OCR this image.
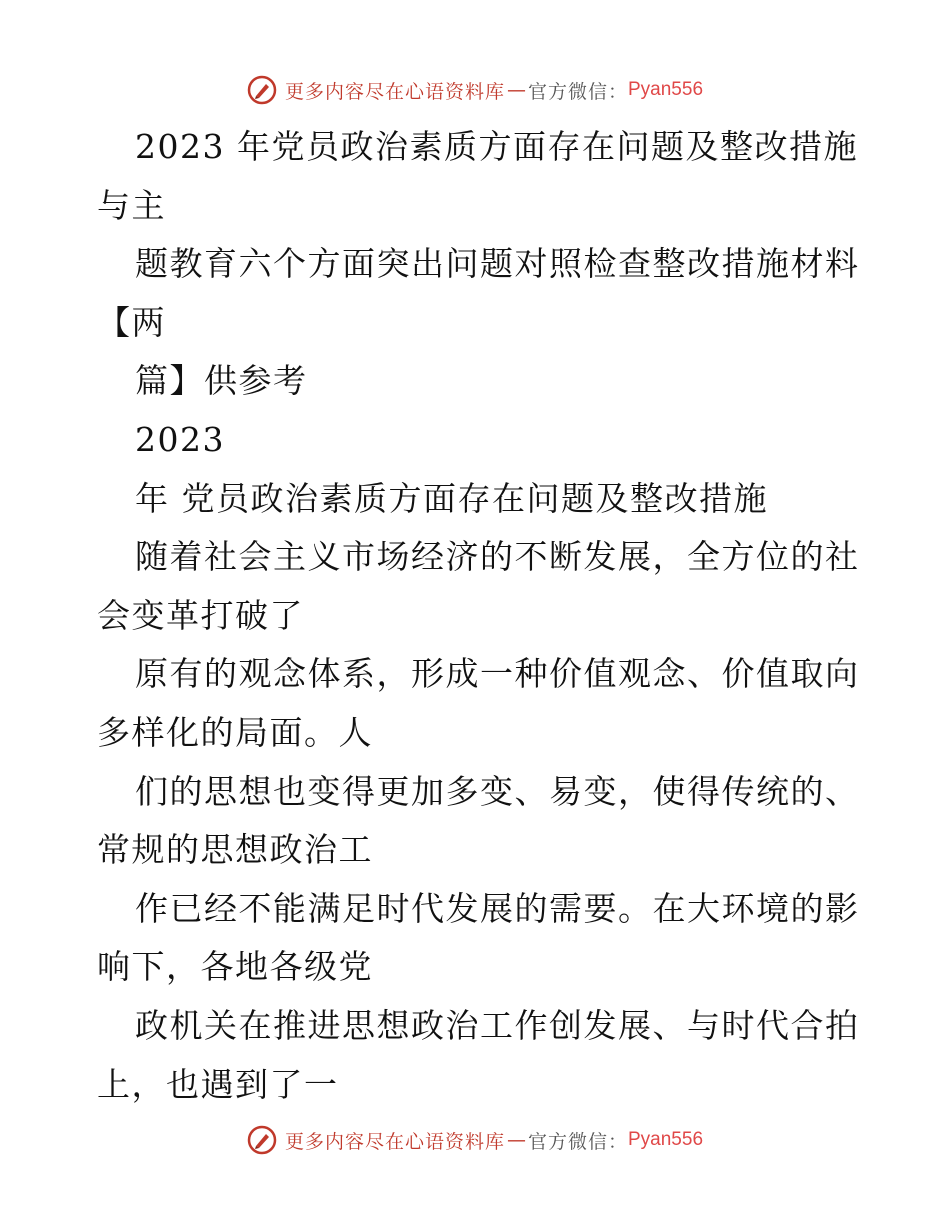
更多内容尽在心语资料库 — 官方微信： Pyan556
2023 年党员政治素质方面存在问题及整改措施
与主
题教育六个方面突出问题对照检查整改措施材料
【两
篇】供参考
2023
年 党员政治素质方面存在问题及整改措施
随着社会主义市场经济的不断发展，全方位的社
会变革打破了
原有的观念体系，形成一种价值观念、价值取向
多样化的局面。人
们的思想也变得更加多变、易变，使得传统的、
常规的思想政治工
作已经不能满足时代发展的需要。在大环境的影
响下，各地各级党
政机关在推进思想政治工作创发展、与时代合拍
上，也遇到了一
更多内容尽在心语资料库 — 官方微信： Pyan556
